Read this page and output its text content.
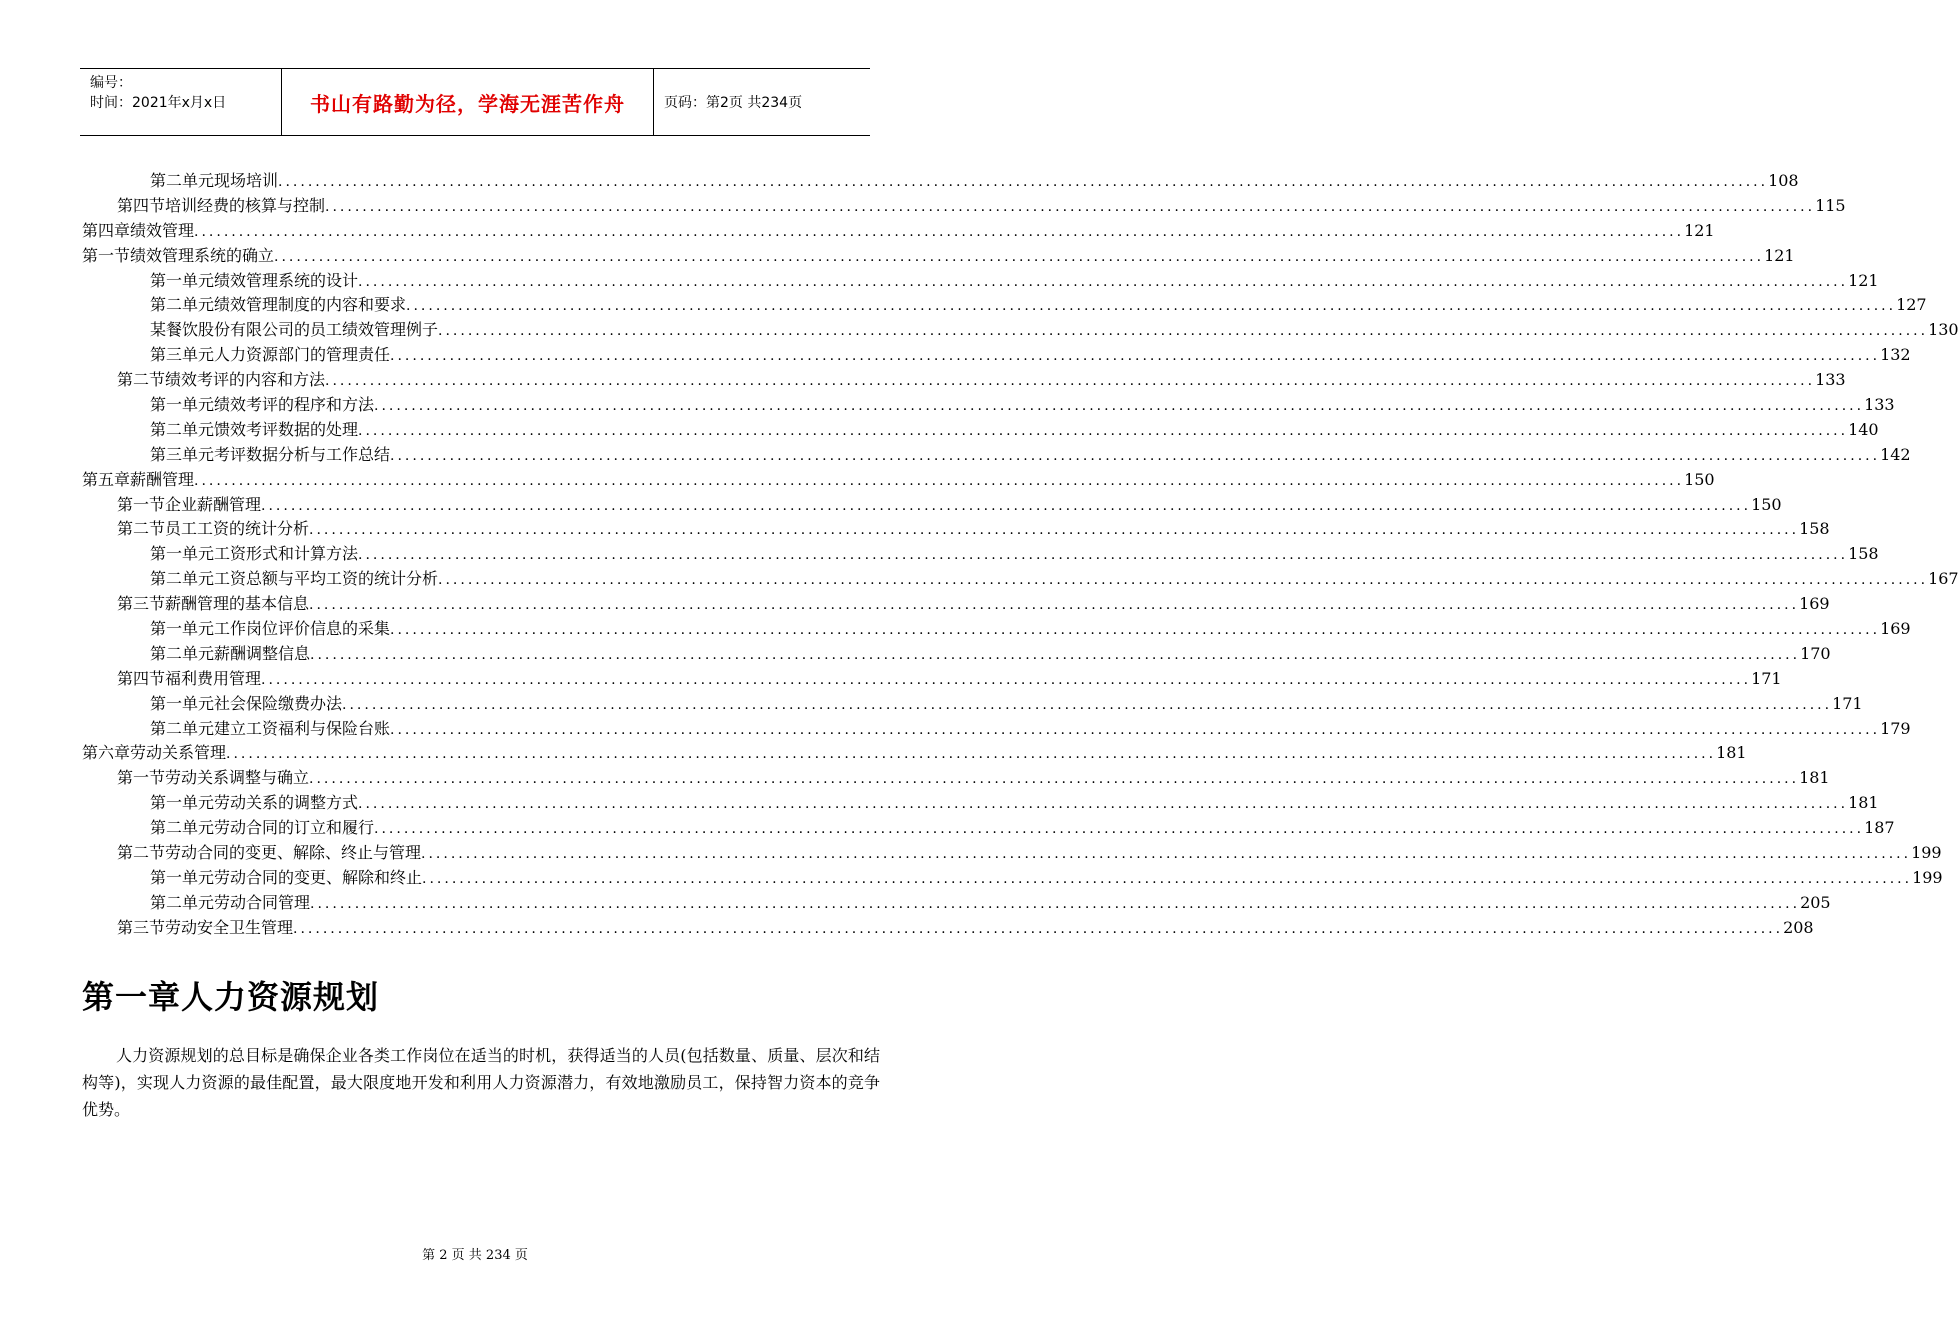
编号：
时间：2021年x月x日	书山有路勤为径，学海无涯苦作舟	页码：第2页 共234页
第二单元现场培训 ........................................................................................................................................................................................................ 108
第四节培训经费的核算与控制 ........................................................................................................................................................................................................ 115
第四章绩效管理 ........................................................................................................................................................................................................ 121
第一节绩效管理系统的确立 ........................................................................................................................................................................................................ 121
第一单元绩效管理系统的设计 ........................................................................................................................................................................................................ 121
第二单元绩效管理制度的内容和要求 ........................................................................................................................................................................................................ 127
某餐饮股份有限公司的员工绩效管理例子 ........................................................................................................................................................................................................ 130
第三单元人力资源部门的管理责任 ........................................................................................................................................................................................................ 132
第二节绩效考评的内容和方法 ........................................................................................................................................................................................................ 133
第一单元绩效考评的程序和方法 ........................................................................................................................................................................................................ 133
第二单元馈效考评数据的处理 ........................................................................................................................................................................................................ 140
第三单元考评数据分析与工作总结 ........................................................................................................................................................................................................ 142
第五章薪酬管理 ........................................................................................................................................................................................................ 150
第一节企业薪酬管理 ........................................................................................................................................................................................................ 150
第二节员工工资的统计分析 ........................................................................................................................................................................................................ 158
第一单元工资形式和计算方法 ........................................................................................................................................................................................................ 158
第二单元工资总额与平均工资的统计分析 ........................................................................................................................................................................................................ 167
第三节薪酬管理的基本信息 ........................................................................................................................................................................................................ 169
第一单元工作岗位评价信息的采集 ........................................................................................................................................................................................................ 169
第二单元薪酬调整信息 ........................................................................................................................................................................................................ 170
第四节福利费用管理 ........................................................................................................................................................................................................ 171
第一单元社会保险缴费办法 ........................................................................................................................................................................................................ 171
第二单元建立工资福利与保险台账 ........................................................................................................................................................................................................ 179
第六章劳动关系管理 ........................................................................................................................................................................................................ 181
第一节劳动关系调整与确立 ........................................................................................................................................................................................................ 181
第一单元劳动关系的调整方式 ........................................................................................................................................................................................................ 181
第二单元劳动合同的订立和履行 ........................................................................................................................................................................................................ 187
第二节劳动合同的变更、解除、终止与管理 ........................................................................................................................................................................................................ 199
第一单元劳动合同的变更、解除和终止 ........................................................................................................................................................................................................ 199
第二单元劳动合同管理 ........................................................................................................................................................................................................ 205
第三节劳动安全卫生管理 ........................................................................................................................................................................................................ 208
第一章人力资源规划
人力资源规划的总目标是确保企业各类工作岗位在适当的时机，获得适当的人员(包括数量、质量、层次和结构等)，实现人力资源的最佳配置，最大限度地开发和利用人力资源潜力，有效地激励员工，保持智力资本的竞争优势。
第 2 页 共 234 页
